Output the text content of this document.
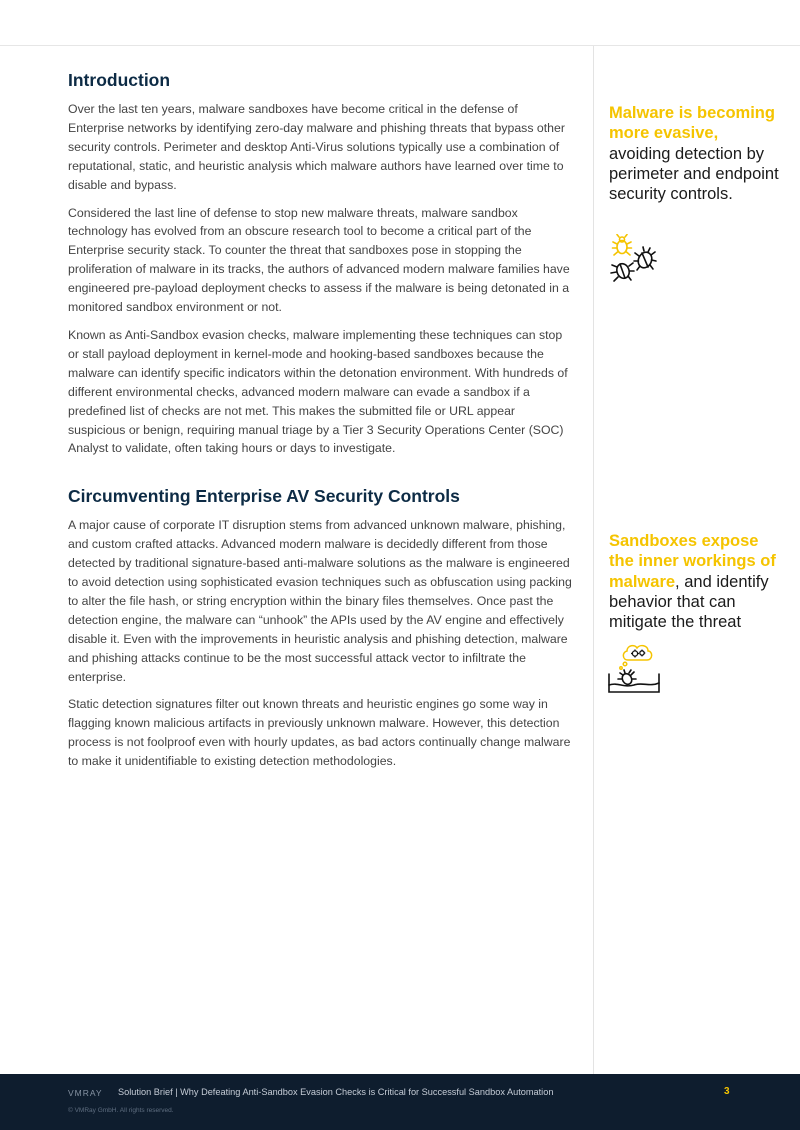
Introduction

Over the last ten years, malware sandboxes have become critical in the defense of Enterprise networks by identifying zero-day malware and phishing threats that bypass other security controls. Perimeter and desktop Anti-Virus solutions typically use a combination of reputational, static, and heuristic analysis which malware authors have learned over time to disable and bypass.

Considered the last line of defense to stop new malware threats, malware sandbox technology has evolved from an obscure research tool to become a critical part of the Enterprise security stack. To counter the threat that sandboxes pose in stopping the proliferation of malware in its tracks, the authors of advanced modern malware families have engineered pre-payload deployment checks to assess if the malware is being detonated in a monitored sandbox environment or not.

Known as Anti-Sandbox evasion checks, malware implementing these techniques can stop or stall payload deployment in kernel-mode and hooking-based sandboxes because the malware can identify specific indicators within the detonation environment. With hundreds of different environmental checks, advanced modern malware can evade a sandbox if a predefined list of checks are not met. This makes the submitted file or URL appear suspicious or benign, requiring manual triage by a Tier 3 Security Operations Center (SOC) Analyst to validate, often taking hours or days to investigate.

Circumventing Enterprise AV Security Controls

A major cause of corporate IT disruption stems from advanced unknown malware, phishing, and custom crafted attacks. Advanced modern malware is decidedly different from those detected by traditional signature-based anti-malware solutions as the malware is engineered to avoid detection using sophisticated evasion techniques such as obfuscation using packing to alter the file hash, or string encryption within the binary files themselves. Once past the detection engine, the malware can “unhook” the APIs used by the AV engine and effectively disable it. Even with the improvements in heuristic analysis and phishing detection, malware and phishing attacks continue to be the most successful attack vector to infiltrate the enterprise.

Static detection signatures filter out known threats and heuristic engines go some way in flagging known malicious artifacts in previously unknown malware. However, this detection process is not foolproof even with hourly updates, as bad actors continually change malware to make it unidentifiable to existing detection methodologies.

Malware is becoming more evasive, avoiding detection by perimeter and endpoint security controls.
Sandboxes expose the inner workings of malware, and identify behavior that can mitigate the threat
VMRAY Solution Brief | Why Defeating Anti-Sandbox Evasion Checks is Critical for Successful Sandbox Automation	3
© VMRay GmbH. All rights reserved.
